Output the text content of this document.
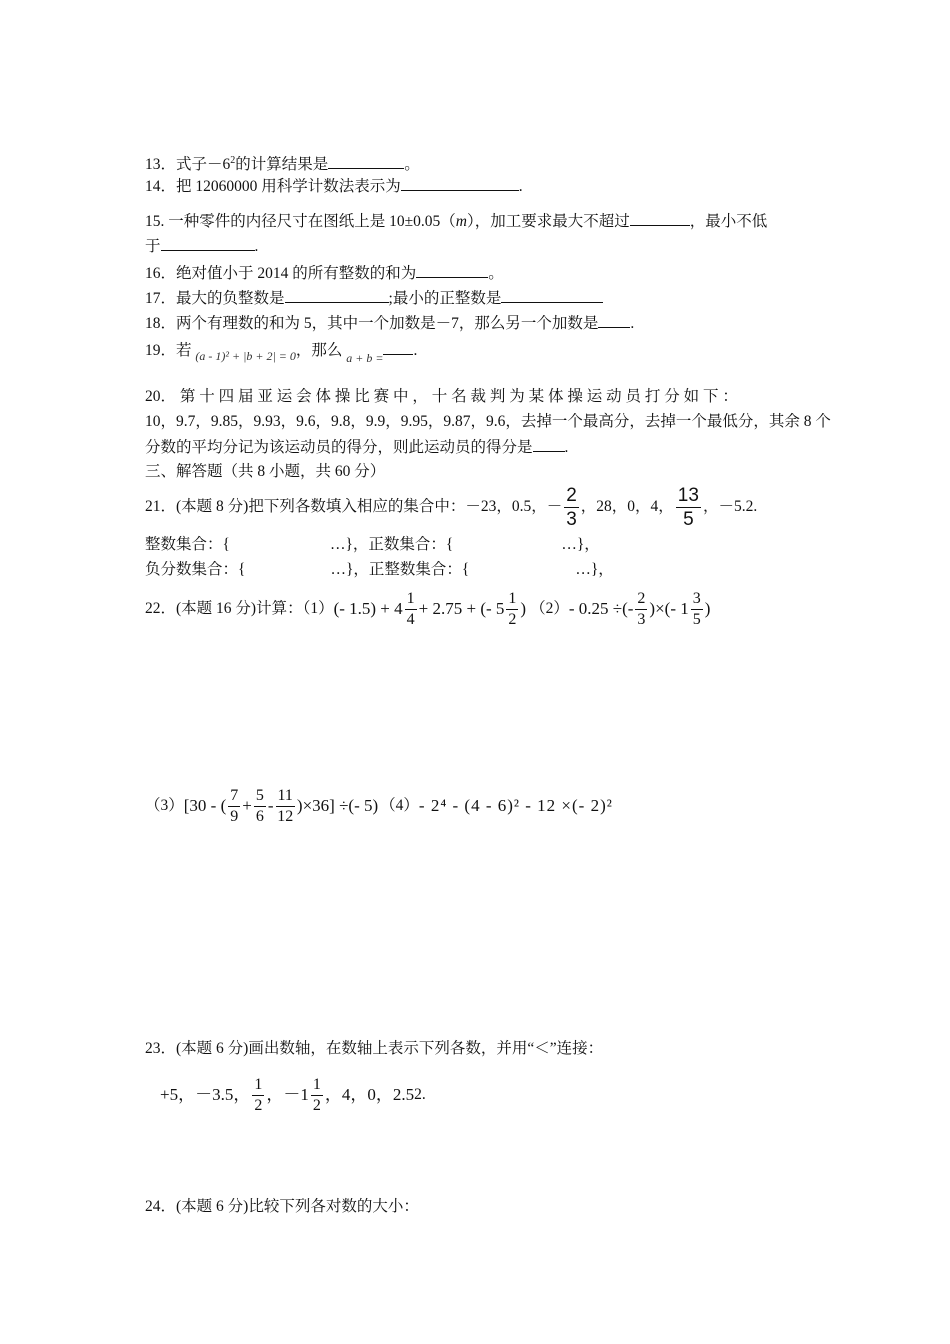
13．式子$-6^2$的计算结果是	。
14．把 12060000 用科学计数法表示为	.
15. 一种零件的内径尺寸在图纸上是 10±0.05（m），加工要求最大不超过	，最小不低
于	.
16．绝对值小于 2014 的所有整数的和为	。
17．最大的负整数是	;最小的正整数是
18．两个有理数的和为 5，其中一个加数是－7，那么另一个加数是 .
19．若 $_{(a - 1)^2 + |b + 2| = 0}$，那么 $_{a + b =}$ .
20． 第 十 四 届 亚 运 会 体 操 比 赛 中 ， 十 名 裁 判 为 某 体 操 运 动 员 打 分 如 下 ：
10，9.7，9.85，9.93，9.6，9.8，9.9，9.95，9.87，9.6，去掉一个最高分，去掉一个最低分，其余 8 个
分数的平均分记为该运动员的得分，则此运动员的得分是 .
三、解答题（共 8 小题，共 60 分）
21．(本题 8 分)把下列各数填入相应的集合中：－23，0.5，－ $\frac{2}{3}$ ，28，0，4， $\frac{13}{5}$ ，－5.2.
整数集合：{	…}，正数集合：{	…}，
负分数集合：{	…}，正整数集合：{	…}，
22．(本题 16 分)计算：（1） (- $1.5) + 4 \frac{1}{4} + 2.75$ + (- $5 \frac{1}{2}$ ) （2） - 0.25 ÷(- $\frac{2}{3}$ )×(- $1 \frac{3}{5}$ )
（3） [30 - ( $\frac{7}{9} + \frac{5}{6} - \frac{11}{12} )\times 36$] ÷(- 5) （4） - 2⁴ - (4 - 6)² - 12 ×(- 2)²
23．(本题 6 分)画出数轴，在数轴上表示下列各数，并用“＜”连接：
+5，－3.5， $\frac{1}{2}$ ，$-1 \frac{1}{2}$ ，4，0，2.5 2.
24．(本题 6 分)比较下列各对数的大小：
